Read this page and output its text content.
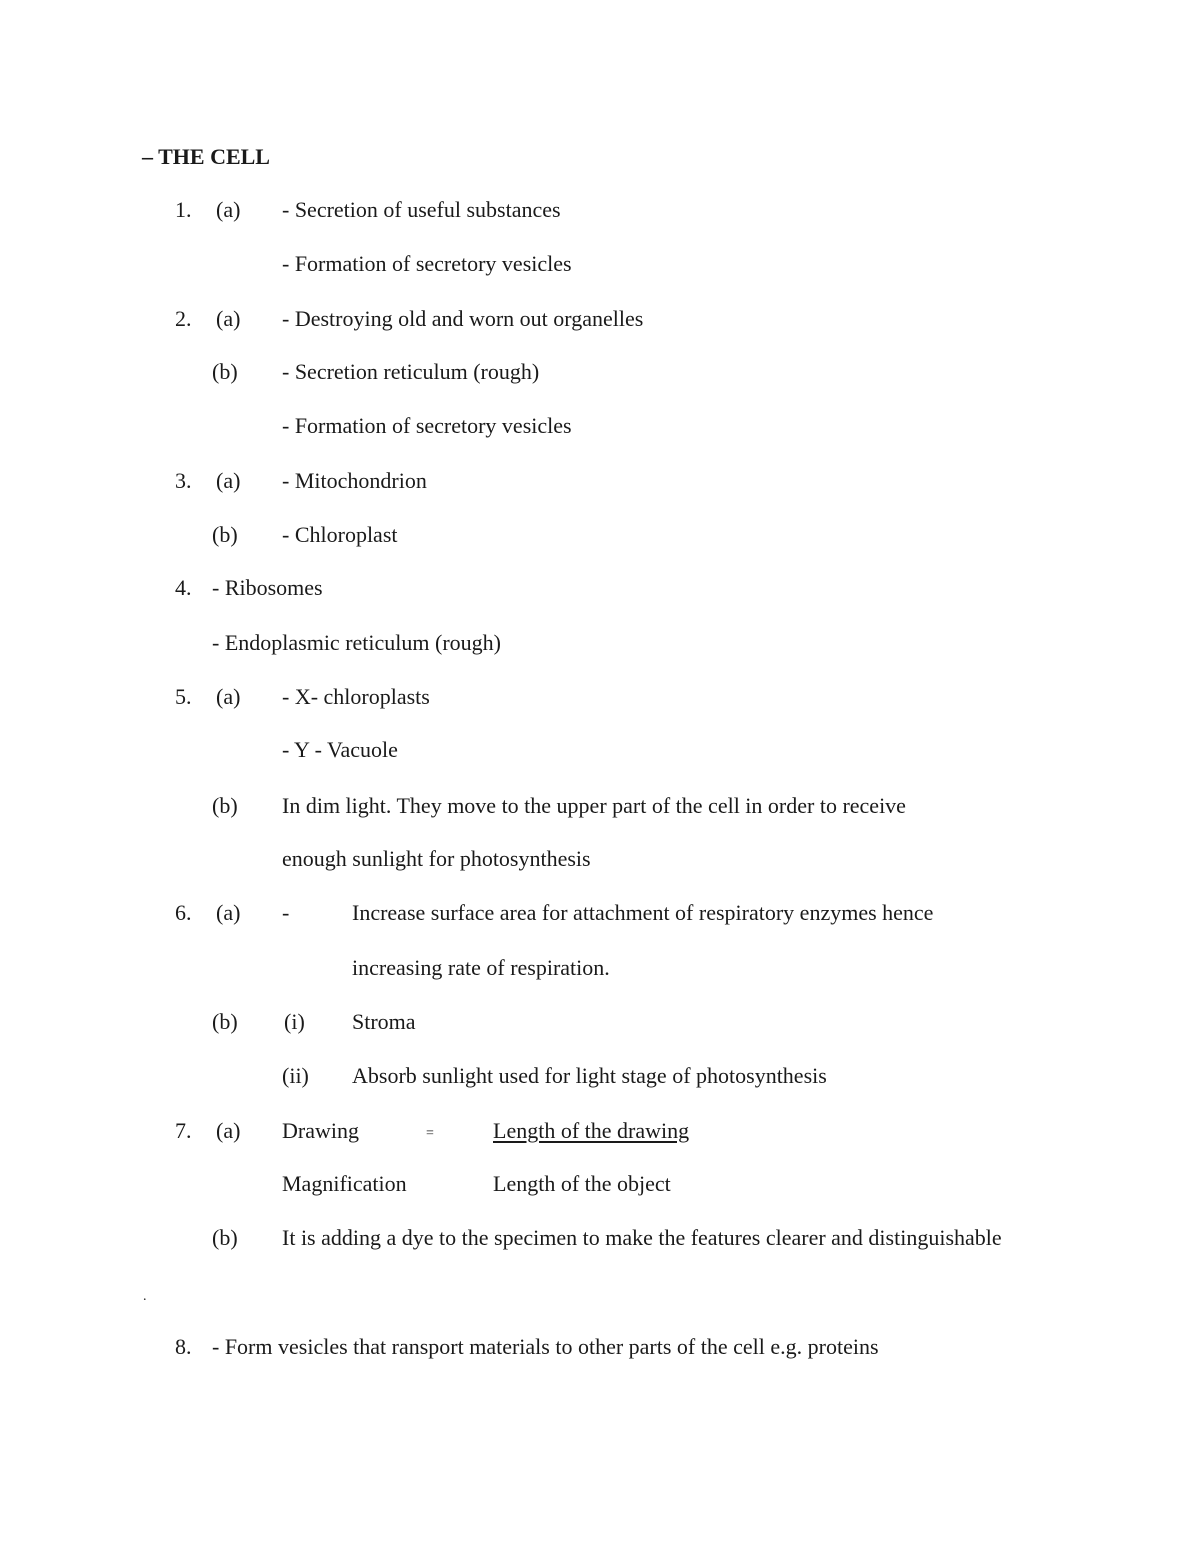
– THE CELL
1. (a) - Secretion of useful substances
- Formation of secretory vesicles
2. (a) - Destroying old and worn out organelles
(b) - Secretion reticulum (rough)
- Formation of secretory vesicles
3. (a) - Mitochondrion
(b) - Chloroplast
4. - Ribosomes
- Endoplasmic reticulum (rough)
5. (a) - X- chloroplasts
- Y - Vacuole
(b) In dim light. They move to the upper part of the cell in order to receive
enough sunlight for photosynthesis
6. (a) -	Increase surface area for attachment of respiratory enzymes hence
increasing rate of respiration.
(b) (i) Stroma
(ii) Absorb sunlight used for light stage of photosynthesis
7. (a) Drawing	=	Length of the drawing
Magnification	Length of the object
(b) It is adding a dye to the specimen to make the features clearer and distinguishable
.
8. - Form vesicles that ransport materials to other parts of the cell e.g. proteins
